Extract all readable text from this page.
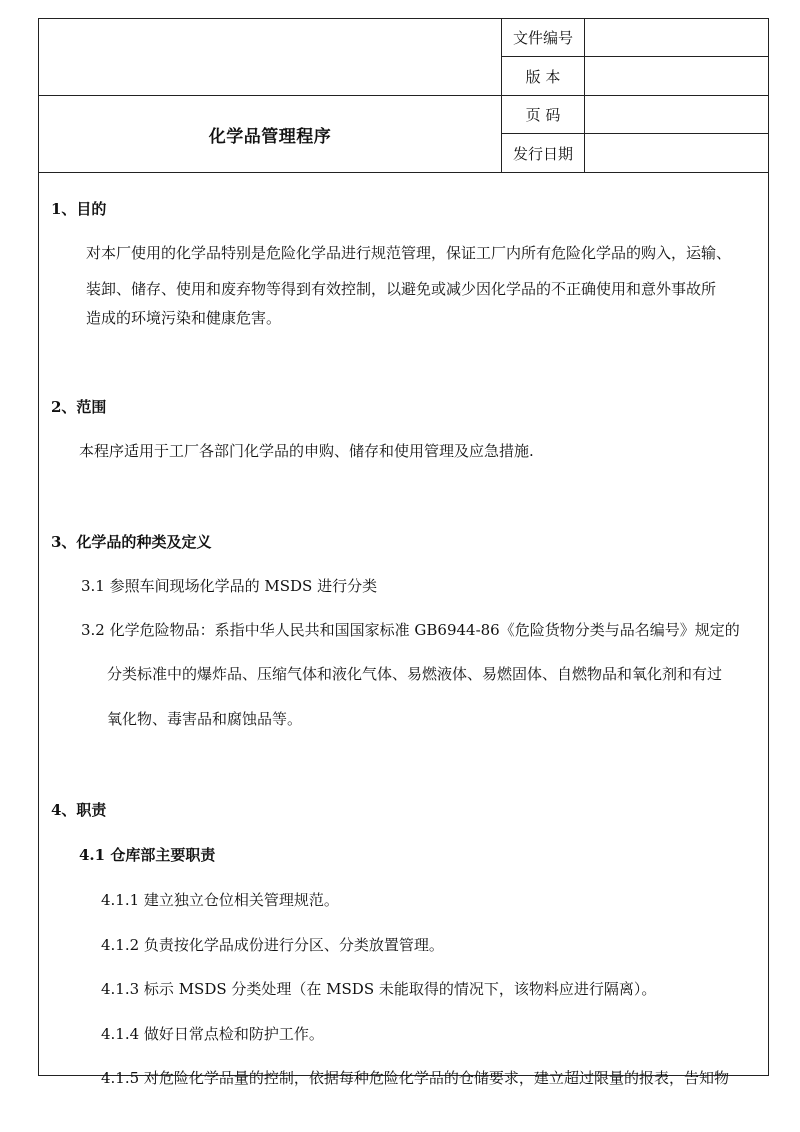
化学品管理程序
文件编号
版 本
页 码
发行日期
1、目的
对本厂使用的化学品特别是危险化学品进行规范管理，保证工厂内所有危险化学品的购入，运输、
装卸、储存、使用和废弃物等得到有效控制，以避免或减少因化学品的不正确使用和意外事故所
造成的环境污染和健康危害。
2、范围
本程序适用于工厂各部门化学品的申购、储存和使用管理及应急措施.
3、化学品的种类及定义
3.1 参照车间现场化学品的 MSDS 进行分类
3.2 化学危险物品：系指中华人民共和国国家标准 GB6944-86《危险货物分类与品名编号》规定的
分类标准中的爆炸品、压缩气体和液化气体、易燃液体、易燃固体、自燃物品和氧化剂和有过
氧化物、毒害品和腐蚀品等。
4、职责
4.1 仓库部主要职责
4.1.1 建立独立仓位相关管理规范。
4.1.2 负责按化学品成份进行分区、分类放置管理。
4.1.3 标示 MSDS 分类处理（在 MSDS 未能取得的情况下，该物料应进行隔离）。
4.1.4 做好日常点检和防护工作。
4.1.5 对危险化学品量的控制，依据每种危险化学品的仓储要求，建立超过限量的报表，告知物
